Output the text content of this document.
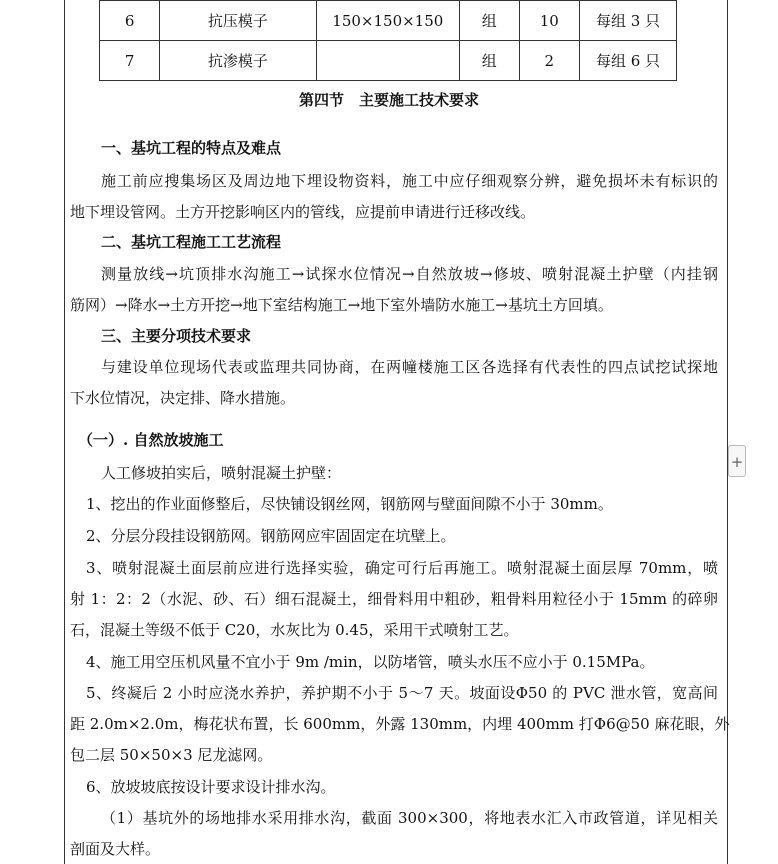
6	抗压模子	150×150×150	组	10	每组 3 只
7	抗渗模子		组	2	每组 6 只
第四节　主要施工技术要求
一、基坑工程的特点及难点
施工前应搜集场区及周边地下埋设物资料，施工中应仔细观察分辨，避免损坏未有标识的
地下埋设管网。土方开挖影响区内的管线，应提前申请进行迁移改线。
二、基坑工程施工工艺流程
测量放线→坑顶排水沟施工→试探水位情况→自然放坡→修坡、喷射混凝土护壁（内挂钢
筋网）→降水→土方开挖→地下室结构施工→地下室外墙防水施工→基坑土方回填。
三、主要分项技术要求
与建设单位现场代表或监理共同协商，在两幢楼施工区各选择有代表性的四点试挖试探地
下水位情况，决定排、降水措施。
（一）. 自然放坡施工
人工修坡拍实后，喷射混凝土护壁：
1、挖出的作业面修整后，尽快铺设钢丝网，钢筋网与壁面间隙不小于 30mm。
2、分层分段挂设钢筋网。钢筋网应牢固固定在坑壁上。
3、喷射混凝土面层前应进行选择实验，确定可行后再施工。喷射混凝土面层厚 70mm，喷
射 1：2：2（水泥、砂、石）细石混凝土，细骨料用中粗砂，粗骨料用粒径小于 15mm 的碎卵
石，混凝土等级不低于 C20，水灰比为 0.45，采用干式喷射工艺。
4、施工用空压机风量不宜小于 9m /min，以防堵管，喷头水压不应小于 0.15MPa。
5、终凝后 2 小时应浇水养护，养护期不小于 5～7 天。坡面设Φ50 的 PVC 泄水管，宽高间
距 2.0m×2.0m，梅花状布置，长 600mm，外露 130mm，内埋 400mm 打Φ6@50 麻花眼，外
包二层 50×50×3 尼龙滤网。
6、放坡坡底按设计要求设计排水沟。
（1）基坑外的场地排水采用排水沟，截面 300×300，将地表水汇入市政管道，详见相关
剖面及大样。
+
